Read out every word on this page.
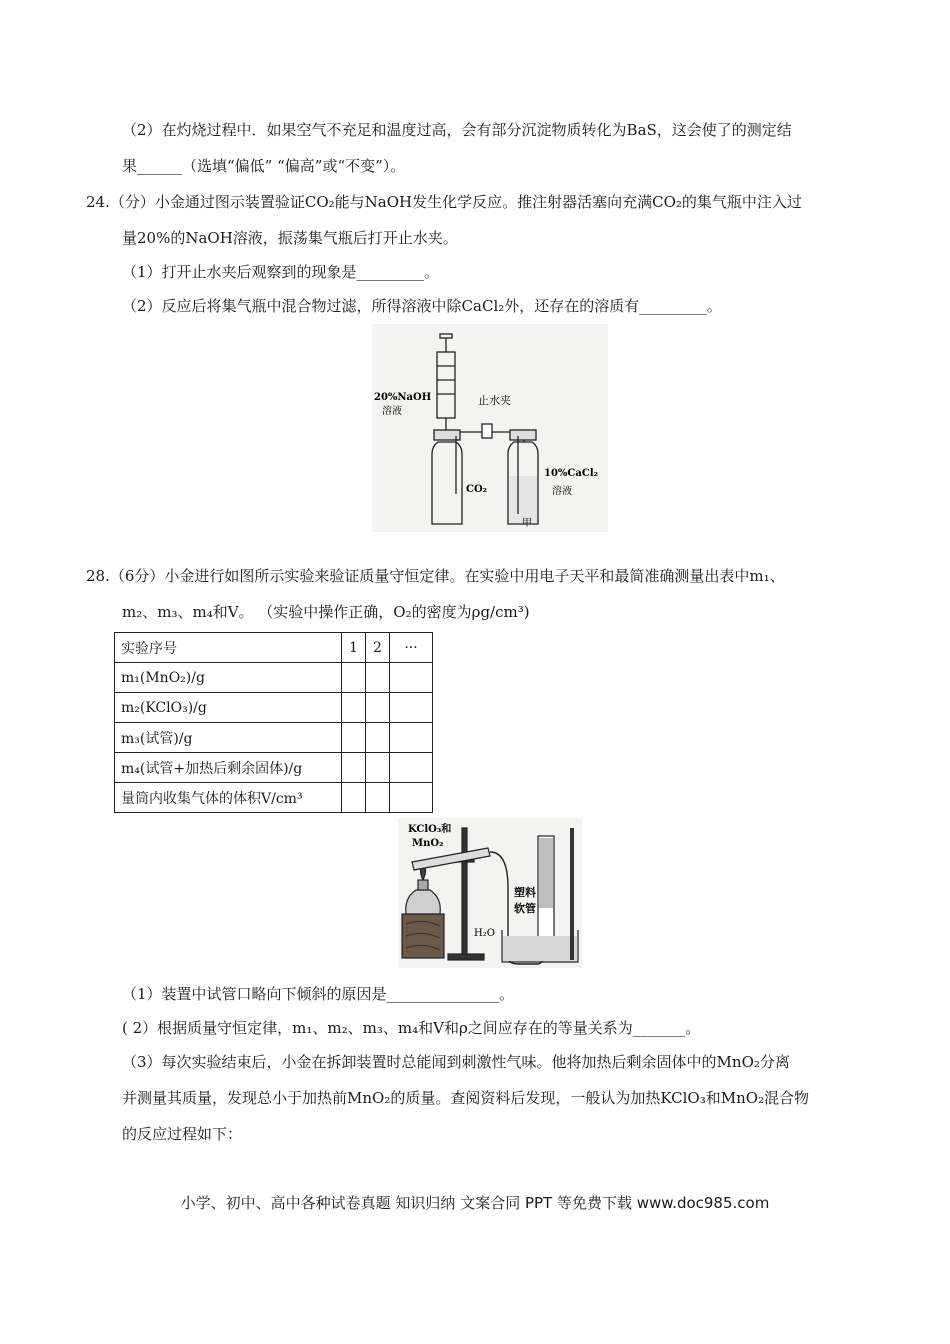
（2）在灼烧过程中．如果空气不充足和温度过高，会有部分沉淀物质转化为BaS，这会使了的测定结
果______（选填“偏低” “偏高”或“不变”）。
24.（分）小金通过图示装置验证CO₂能与NaOH发生化学反应。推注射器活塞向充满CO₂的集气瓶中注入过
量20%的NaOH溶液，振荡集气瓶后打开止水夹。
（1）打开止水夹后观察到的现象是_________。
（2）反应后将集气瓶中混合物过滤，所得溶液中除CaCl₂外，还存在的溶质有_________。
20%NaOH
溶液
止水夹
CO₂
10%CaCl₂
溶液
甲
28.（6分）小金进行如图所示实验来验证质量守恒定律。在实验中用电子天平和最简准确测量出表中m₁、
m₂、m₃、m₄和V。 （实验中操作正确，O₂的密度为ρg/cm³)
实验序号	1	2	···
m₁(MnO₂)/g			
m₂(KClO₃)/g			
m₃(试管)/g			
m₄(试管+加热后剩余固体)/g			
量筒内收集气体的体积V/cm³			
KClO₃和
MnO₂
塑料
软管
H₂O
（1）装置中试管口略向下倾斜的原因是_______________。
( 2）根据质量守恒定律，m₁、m₂、m₃、m₄和V和ρ之间应存在的等量关系为_______。
（3）每次实验结束后，小金在拆卸装置时总能闻到刺激性气味。他将加热后剩余固体中的MnO₂分离
并测量其质量，发现总小于加热前MnO₂的质量。查阅资料后发现，一般认为加热KClO₃和MnO₂混合物
的反应过程如下：
小学、初中、高中各种试卷真题 知识归纳 文案合同 PPT 等免费下载 www.doc985.com
